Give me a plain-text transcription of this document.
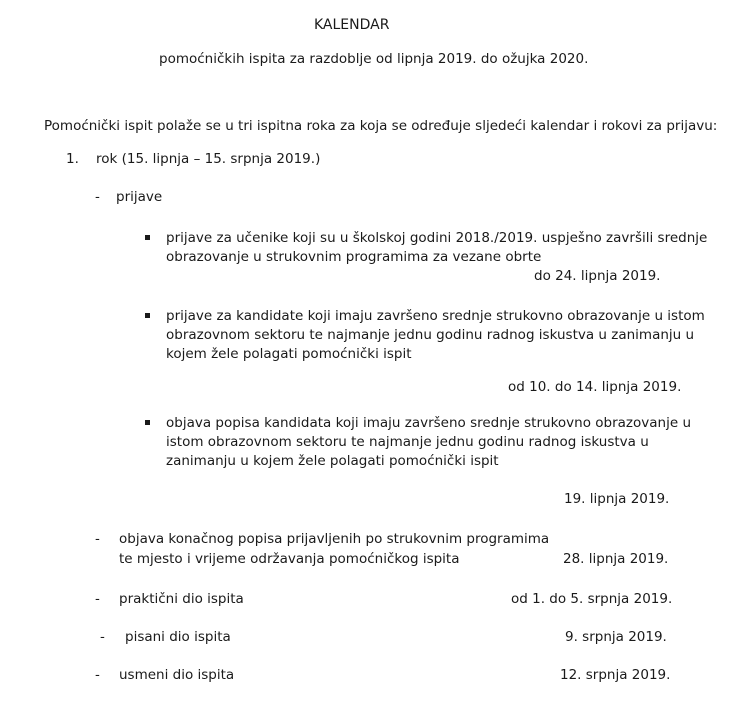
KALENDAR
pomoćničkih ispita za razdoblje od lipnja 2019. do ožujka 2020.
Pomoćnički ispit polaže se u tri ispitna roka za koja se određuje sljedeći kalendar i rokovi za prijavu:
1. rok (15. lipnja – 15. srpnja 2019.)
- prijave
prijave za učenike koji su u školskoj godini 2018./2019. uspješno završili srednje
obrazovanje u strukovnim programima za vezane obrte
do 24. lipnja 2019.
prijave za kandidate koji imaju završeno srednje strukovno obrazovanje u istom
obrazovnom sektoru te najmanje jednu godinu radnog iskustva u zanimanju u
kojem žele polagati pomoćnički ispit
od 10. do 14. lipnja 2019.
objava popisa kandidata koji imaju završeno srednje strukovno obrazovanje u
istom obrazovnom sektoru te najmanje jednu godinu radnog iskustva u
zanimanju u kojem žele polagati pomoćnički ispit
19. lipnja 2019.
- objava konačnog popisa prijavljenih po strukovnim programima
te mjesto i vrijeme održavanja pomoćničkog ispita	28. lipnja 2019.
- praktični dio ispita	od 1. do 5. srpnja 2019.
- pisani dio ispita	9. srpnja 2019.
- usmeni dio ispita	12. srpnja 2019.
